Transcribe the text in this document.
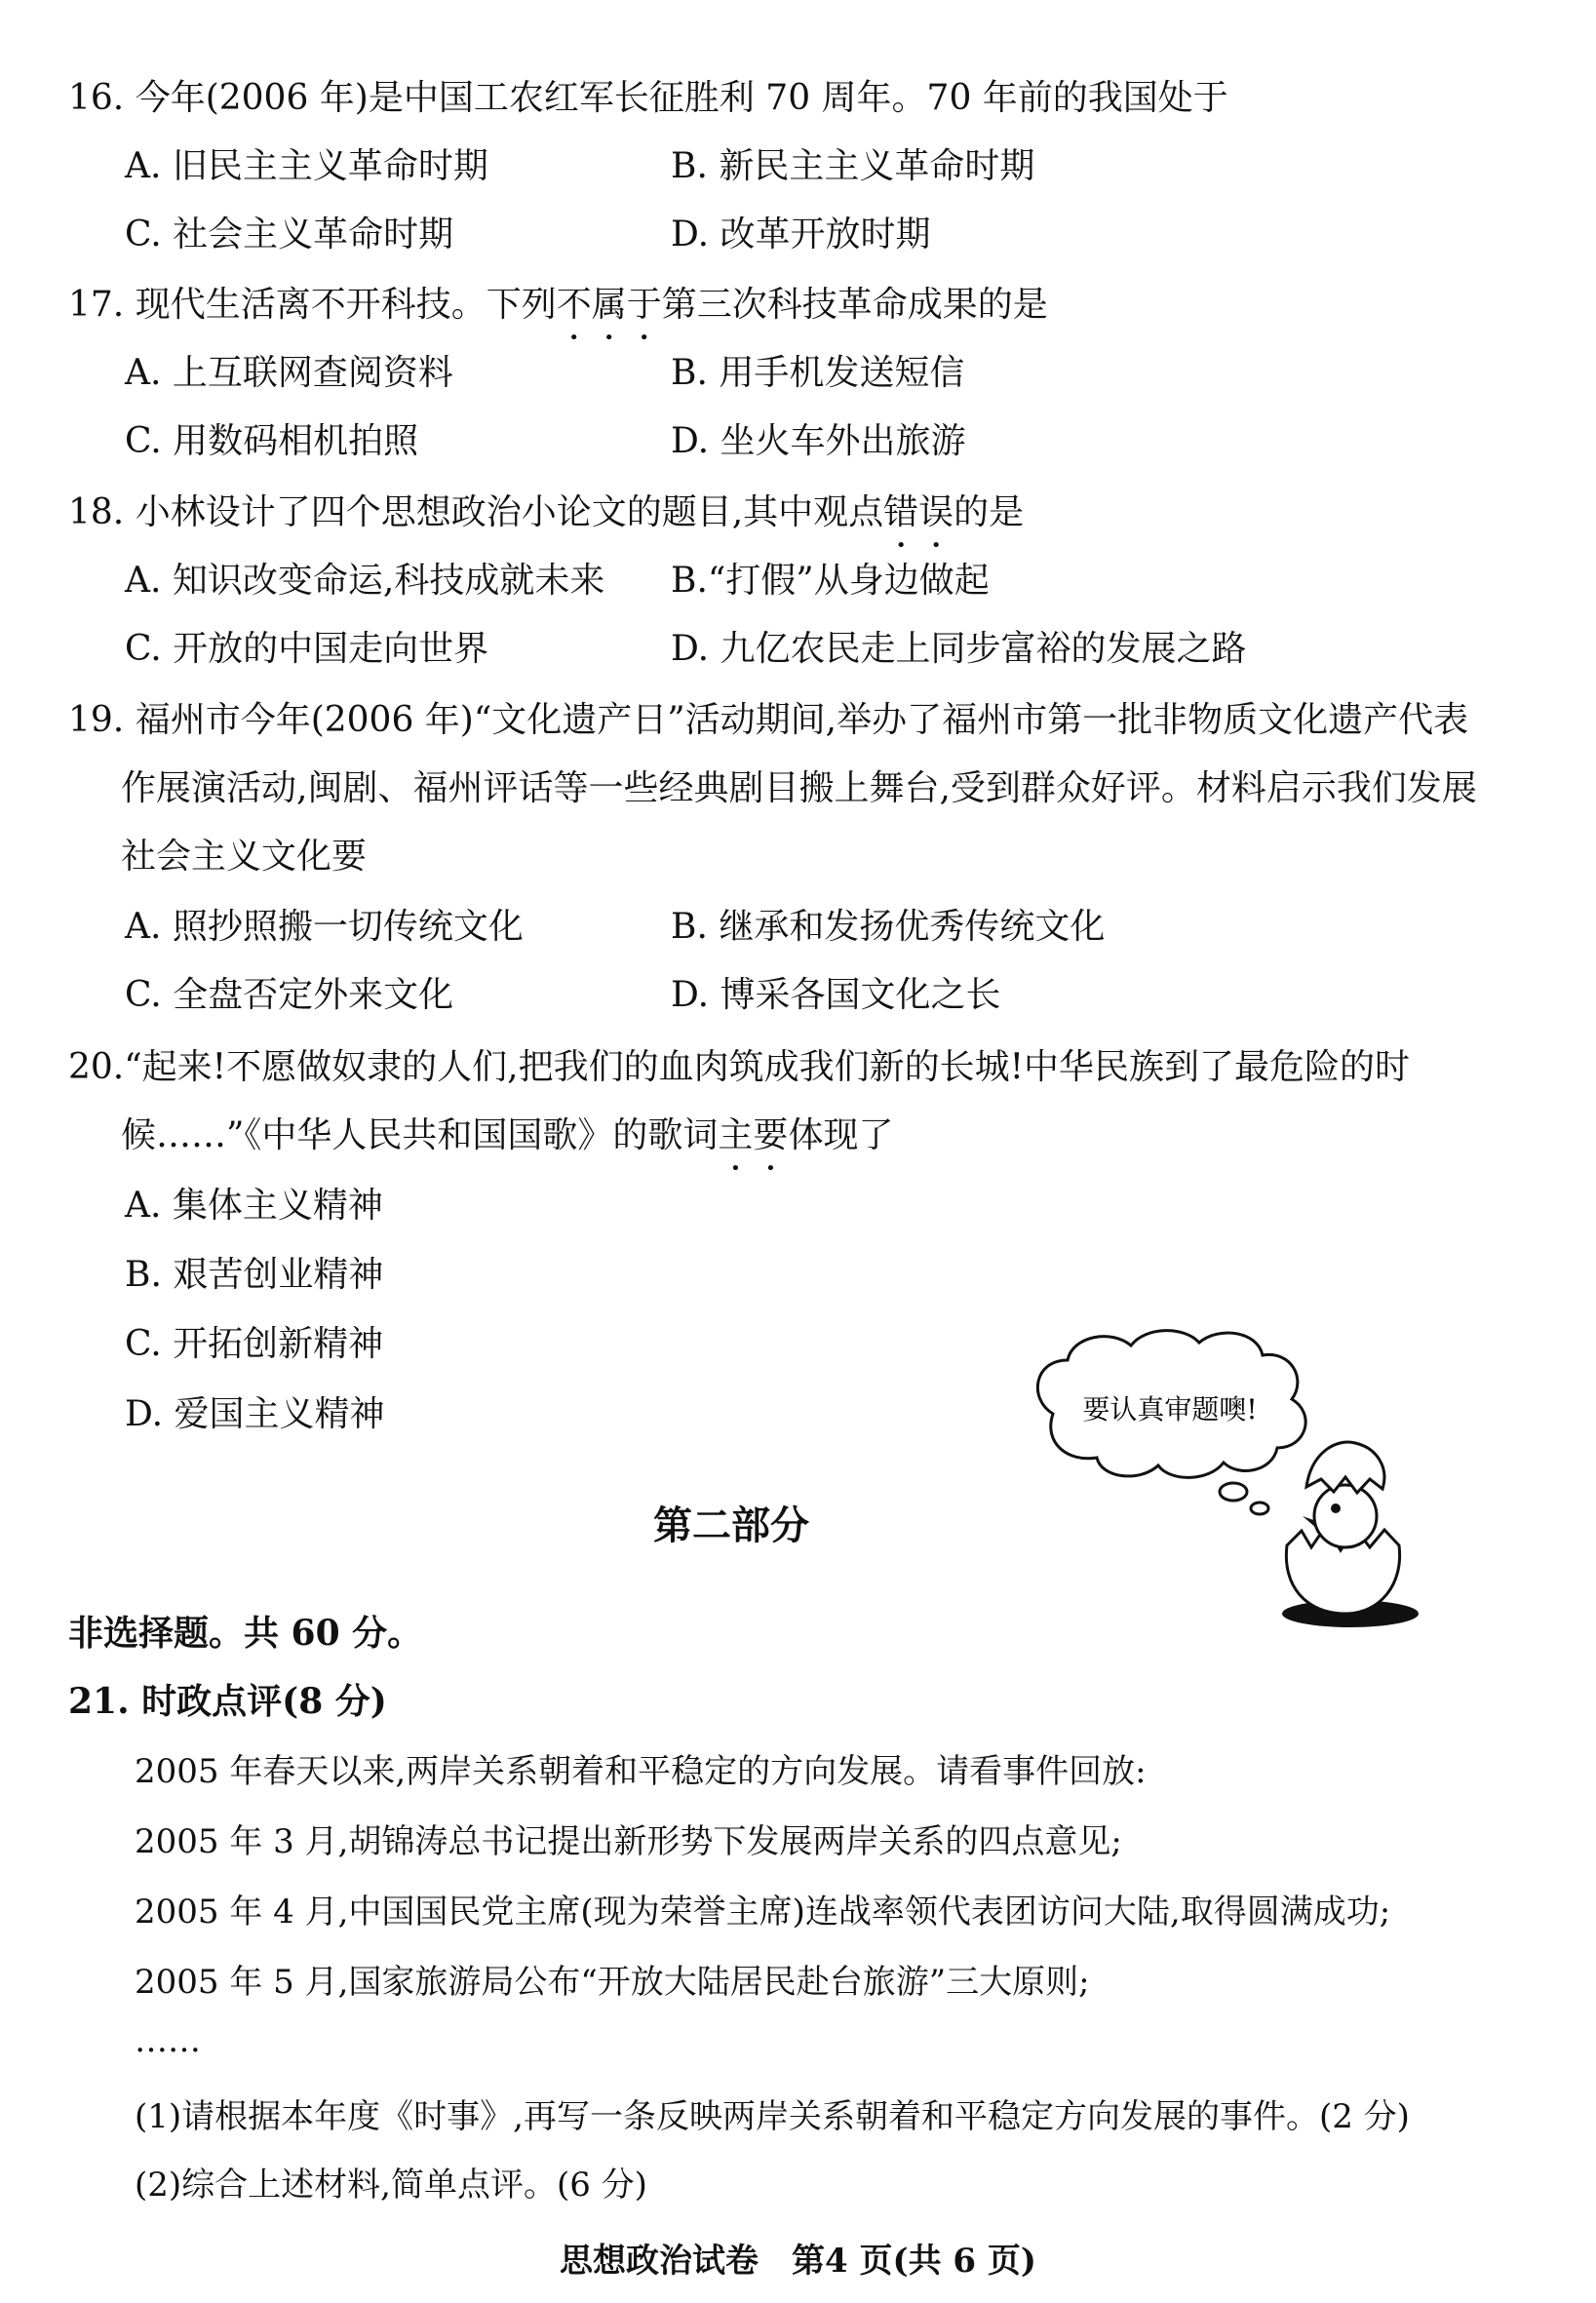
16. 今年(2006 年)是中国工农红军长征胜利 70 周年。70 年前的我国处于
A. 旧民主主义革命时期	B. 新民主主义革命时期
C. 社会主义革命时期	D. 改革开放时期
17. 现代生活离不开科技。下列不属于第三次科技革命成果的是
A. 上互联网查阅资料	B. 用手机发送短信
C. 用数码相机拍照	D. 坐火车外出旅游
18. 小林设计了四个思想政治小论文的题目,其中观点错误的是
A. 知识改变命运,科技成就未来 B.“打假”从身边做起
C. 开放的中国走向世界	D. 九亿农民走上同步富裕的发展之路
19. 福州市今年(2006 年)“文化遗产日”活动期间,举办了福州市第一批非物质文化遗产代表
作展演活动,闽剧、福州评话等一些经典剧目搬上舞台,受到群众好评。材料启示我们发展
社会主义文化要
A. 照抄照搬一切传统文化	B. 继承和发扬优秀传统文化
C. 全盘否定外来文化	D. 博采各国文化之长
20.“起来!不愿做奴隶的人们,把我们的血肉筑成我们新的长城!中华民族到了最危险的时
候……”《中华人民共和国国歌》的歌词主要体现了
A. 集体主义精神
B. 艰苦创业精神
C. 开拓创新精神
D. 爱国主义精神	要认真审题噢!
第二部分
非选择题。共 60 分。
21. 时政点评(8 分)
2005 年春天以来,两岸关系朝着和平稳定的方向发展。请看事件回放:
2005 年 3 月,胡锦涛总书记提出新形势下发展两岸关系的四点意见;
2005 年 4 月,中国国民党主席(现为荣誉主席)连战率领代表团访问大陆,取得圆满成功;
2005 年 5 月,国家旅游局公布“开放大陆居民赴台旅游”三大原则;
……
(1)请根据本年度《时事》,再写一条反映两岸关系朝着和平稳定方向发展的事件。(2 分)
(2)综合上述材料,简单点评。(6 分)
思想政治试卷　第4 页(共 6 页)
